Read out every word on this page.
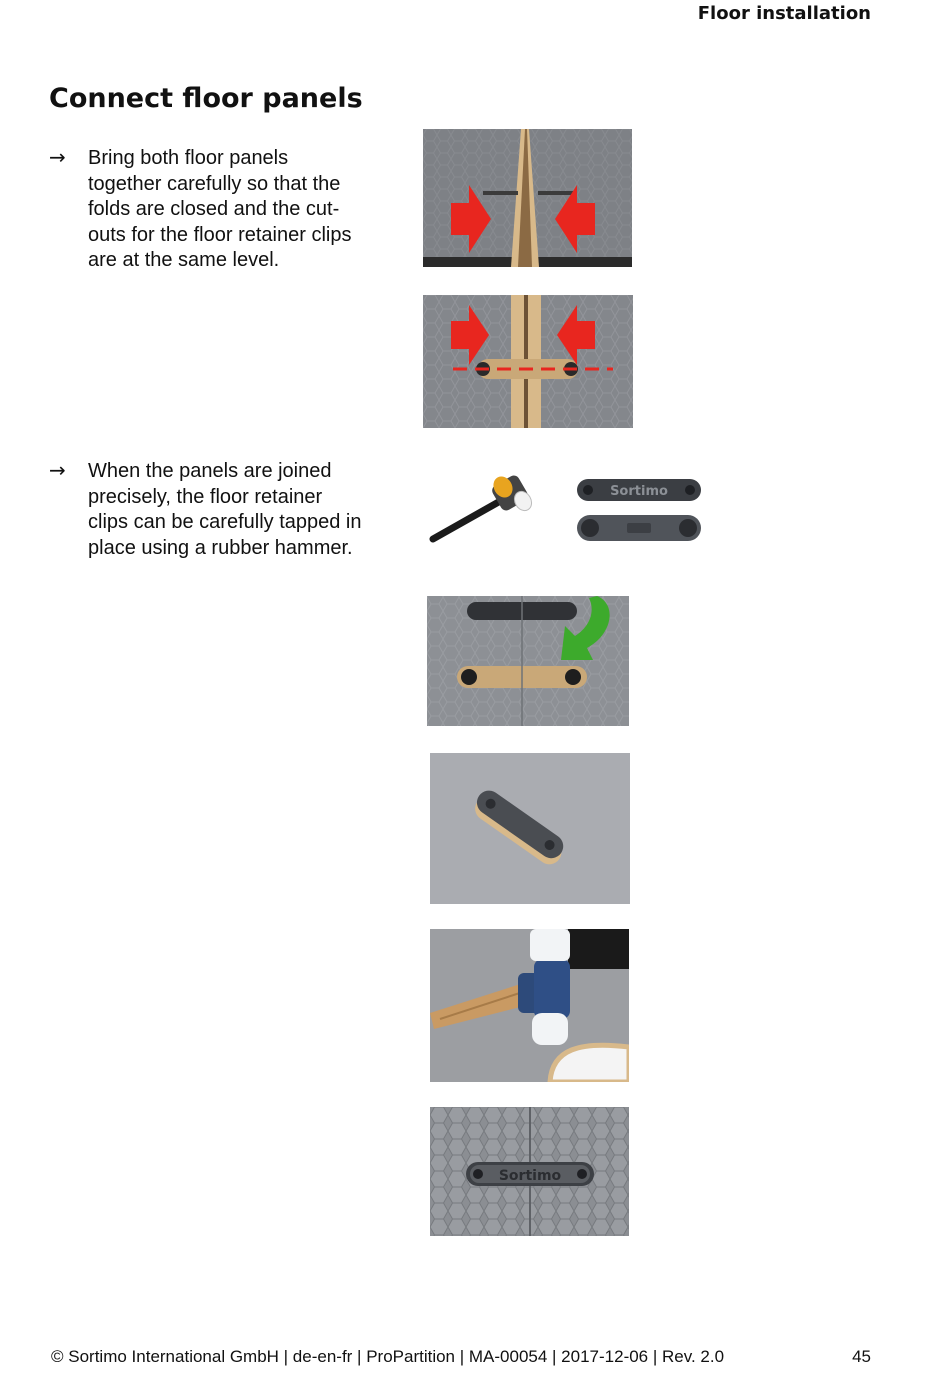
Floor installation
Connect floor panels
→ Bring both floor panels
together carefully so that the
folds are closed and the cut-
outs for the floor retainer clips
are at the same level.
→ When the panels are joined
precisely, the floor retainer
clips can be carefully tapped in
place using a rubber hammer.
Sortimo
Sortimo
© Sortimo International GmbH | de-en-fr | ProPartition | MA-00054 | 2017-12-06 | Rev. 2.0	45
